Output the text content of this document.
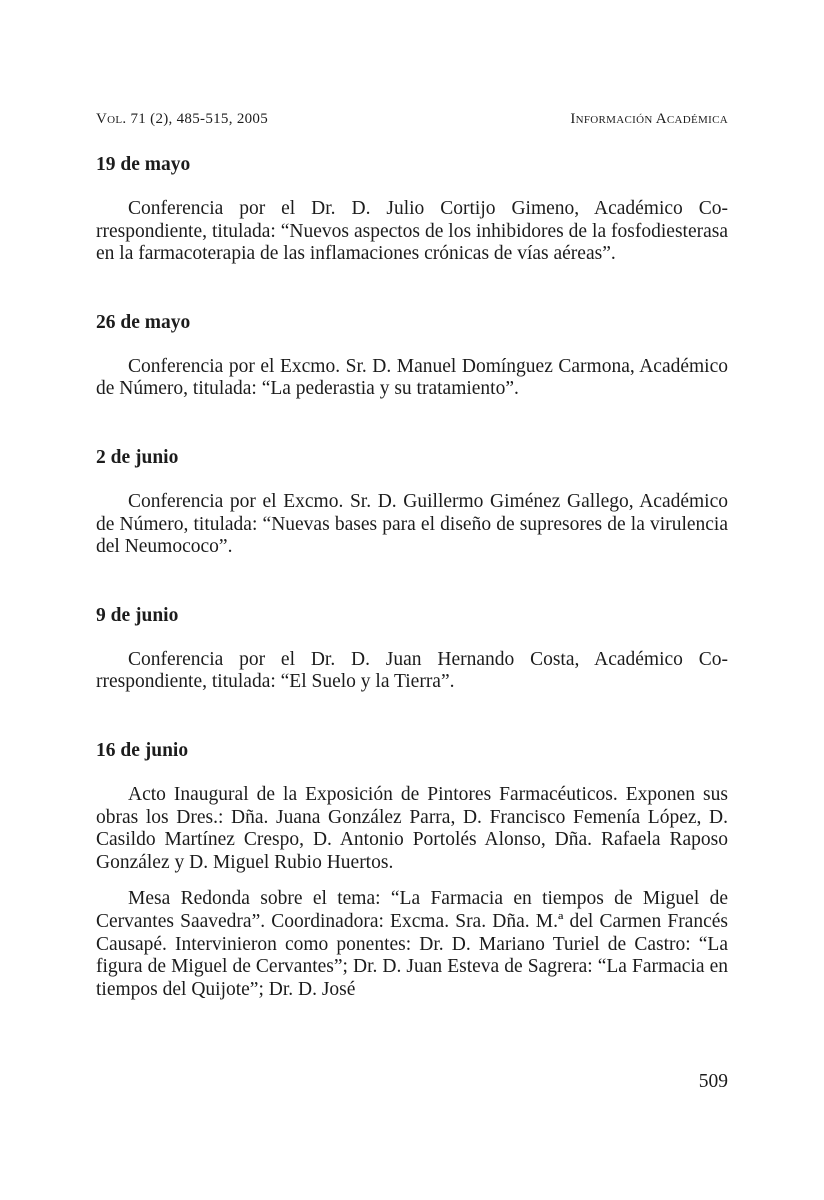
Vol. 71 (2), 485-515, 2005	Información Académica
19 de mayo

Conferencia por el Dr. D. Julio Cortijo Gimeno, Académico Correspondiente, titulada: “Nuevos aspectos de los inhibidores de la fosfodiesterasa en la farmacoterapia de las inflamaciones crónicas de vías aéreas”.

26 de mayo

Conferencia por el Excmo. Sr. D. Manuel Domínguez Carmona, Académico de Número, titulada: “La pederastia y su tratamiento”.

2 de junio

Conferencia por el Excmo. Sr. D. Guillermo Giménez Gallego, Académico de Número, titulada: “Nuevas bases para el diseño de supresores de la virulencia del Neumococo”.

9 de junio

Conferencia por el Dr. D. Juan Hernando Costa, Académico Correspondiente, titulada: “El Suelo y la Tierra”.

16 de junio

Acto Inaugural de la Exposición de Pintores Farmacéuticos. Exponen sus obras los Dres.: Dña. Juana González Parra, D. Francisco Femenía López, D. Casildo Martínez Crespo, D. Antonio Portolés Alonso, Dña. Rafaela Raposo González y D. Miguel Rubio Huertos.

Mesa Redonda sobre el tema: “La Farmacia en tiempos de Miguel de Cervantes Saavedra”. Coordinadora: Excma. Sra. Dña. M.ª del Carmen Francés Causapé. Intervinieron como ponentes: Dr. D. Mariano Turiel de Castro: “La figura de Miguel de Cervantes”; Dr. D. Juan Esteva de Sagrera: “La Farmacia en tiempos del Quijote”; Dr. D. José

509
